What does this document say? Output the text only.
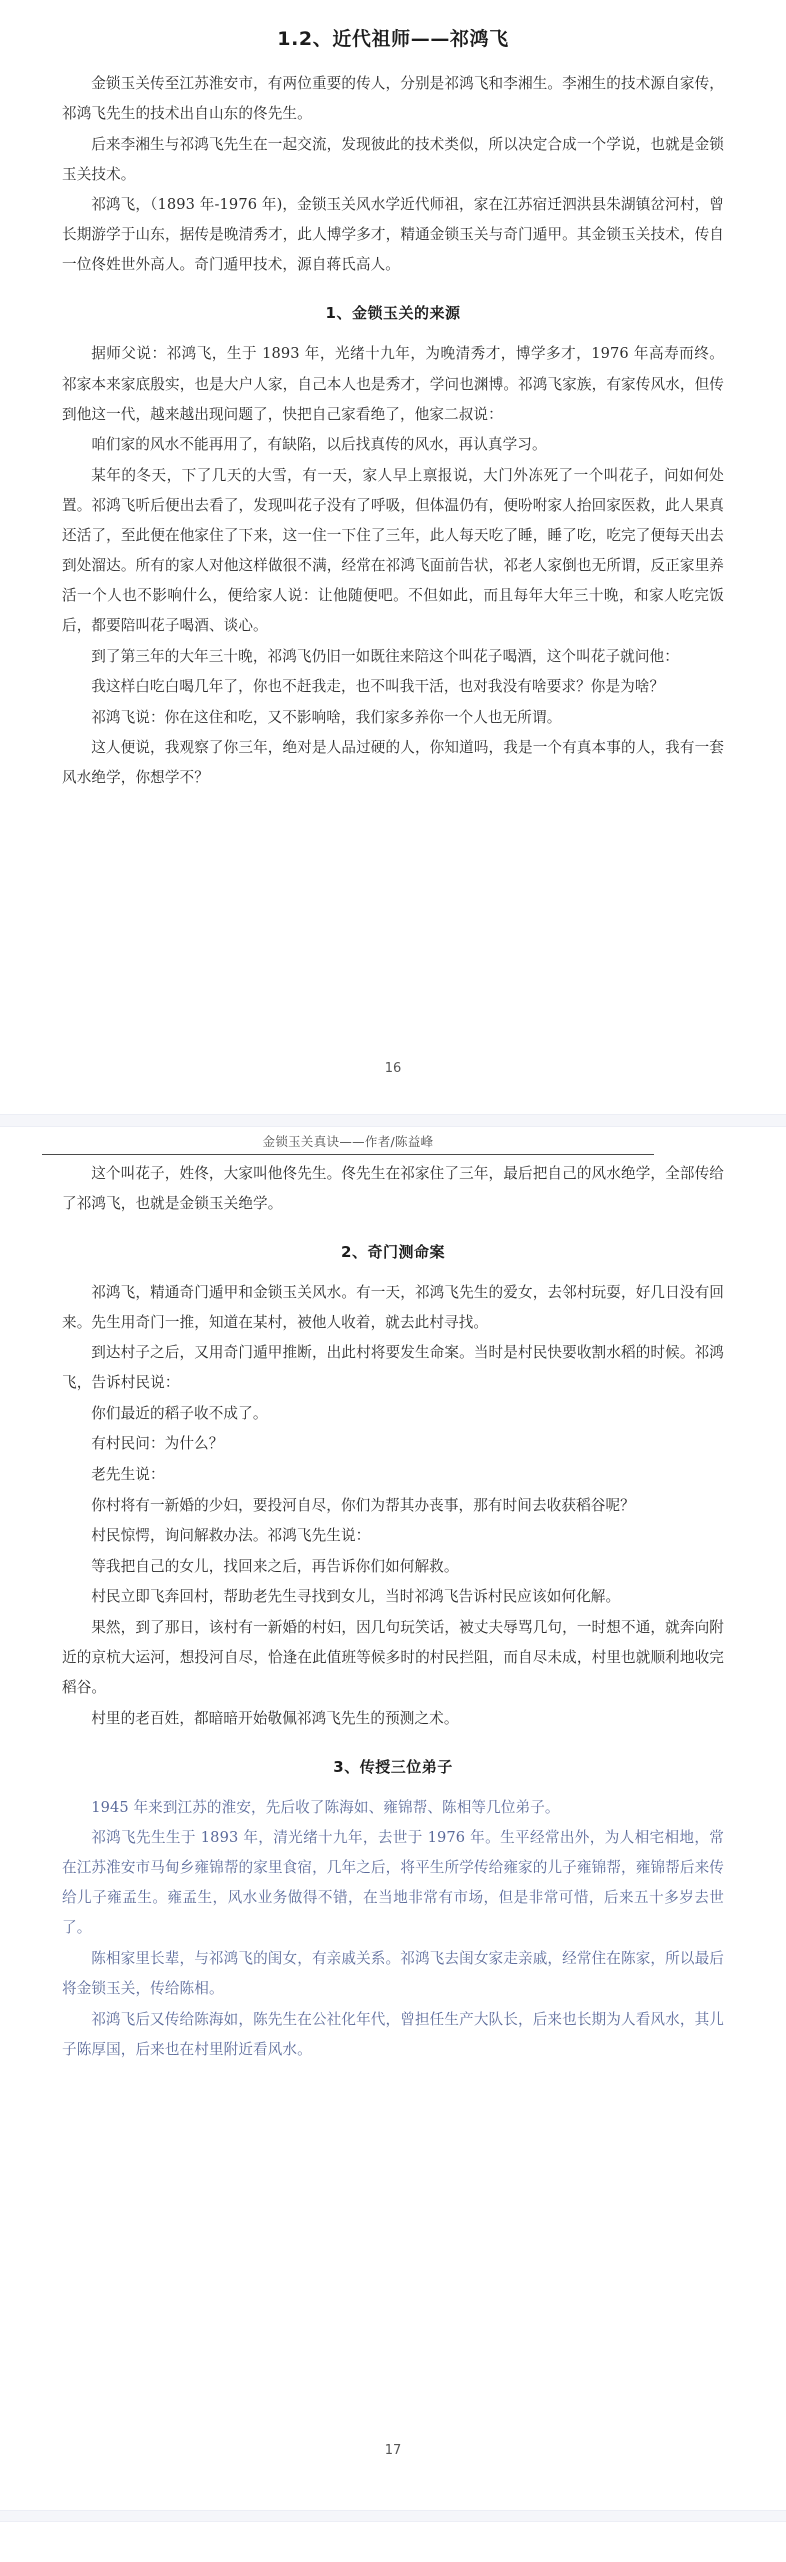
1.2、近代祖师——祁鸿飞

金锁玉关传至江苏淮安市，有两位重要的传人，分别是祁鸿飞和李湘生。李湘生的技术源自家传，祁鸿飞先生的技术出自山东的佟先生。

后来李湘生与祁鸿飞先生在一起交流，发现彼此的技术类似，所以决定合成一个学说，也就是金锁玉关技术。

祁鸿飞，（1893 年-1976 年)，金锁玉关风水学近代师祖，家在江苏宿迁泗洪县朱湖镇岔河村，曾长期游学于山东，据传是晚清秀才，此人博学多才，精通金锁玉关与奇门遁甲。其金锁玉关技术，传自一位佟姓世外高人。奇门遁甲技术，源自蒋氏高人。

1、金锁玉关的来源

据师父说：祁鸿飞，生于 1893 年，光绪十九年，为晚清秀才，博学多才，1976 年高寿而终。祁家本来家底殷实，也是大户人家，自己本人也是秀才，学问也渊博。祁鸿飞家族，有家传风水，但传到他这一代，越来越出现问题了，快把自己家看绝了，他家二叔说：

咱们家的风水不能再用了，有缺陷，以后找真传的风水，再认真学习。

某年的冬天，下了几天的大雪，有一天，家人早上禀报说，大门外冻死了一个叫花子，问如何处置。祁鸿飞听后便出去看了，发现叫花子没有了呼吸，但体温仍有，便吩咐家人抬回家医救，此人果真还活了，至此便在他家住了下来，这一住一下住了三年，此人每天吃了睡，睡了吃，吃完了便每天出去到处溜达。所有的家人对他这样做很不满，经常在祁鸿飞面前告状，祁老人家倒也无所谓，反正家里养活一个人也不影响什么，便给家人说：让他随便吧。不但如此，而且每年大年三十晚，和家人吃完饭后，都要陪叫花子喝酒、谈心。

到了第三年的大年三十晚，祁鸿飞仍旧一如既往来陪这个叫花子喝酒，这个叫花子就问他：

我这样白吃白喝几年了，你也不赶我走，也不叫我干活，也对我没有啥要求？你是为啥？

祁鸿飞说：你在这住和吃，又不影响啥，我们家多养你一个人也无所谓。

这人便说，我观察了你三年，绝对是人品过硬的人，你知道吗，我是一个有真本事的人，我有一套风水绝学，你想学不？

16
金锁玉关真诀——作者/陈益峰

这个叫花子，姓佟，大家叫他佟先生。佟先生在祁家住了三年，最后把自己的风水绝学，全部传给了祁鸿飞，也就是金锁玉关绝学。

2、奇门测命案

祁鸿飞，精通奇门遁甲和金锁玉关风水。有一天，祁鸿飞先生的爱女，去邻村玩耍，好几日没有回来。先生用奇门一推，知道在某村，被他人收着，就去此村寻找。

到达村子之后，又用奇门遁甲推断，出此村将要发生命案。当时是村民快要收割水稻的时候。祁鸿飞，告诉村民说：

你们最近的稻子收不成了。

有村民问：为什么？

老先生说：

你村将有一新婚的少妇，要投河自尽，你们为帮其办丧事，那有时间去收获稻谷呢？

村民惊愕，询问解救办法。祁鸿飞先生说：

等我把自己的女儿，找回来之后，再告诉你们如何解救。

村民立即飞奔回村，帮助老先生寻找到女儿，当时祁鸿飞告诉村民应该如何化解。

果然，到了那日，该村有一新婚的村妇，因几句玩笑话，被丈夫辱骂几句，一时想不通，就奔向附近的京杭大运河，想投河自尽，恰逢在此值班等候多时的村民拦阻，而自尽未成，村里也就顺利地收完稻谷。

村里的老百姓，都暗暗开始敬佩祁鸿飞先生的预测之术。

3、传授三位弟子

1945 年来到江苏的淮安，先后收了陈海如、雍锦帮、陈相等几位弟子。

祁鸿飞先生生于 1893 年，清光绪十九年，去世于 1976 年。生平经常出外，为人相宅相地，常在江苏淮安市马甸乡雍锦帮的家里食宿，几年之后，将平生所学传给雍家的儿子雍锦帮，雍锦帮后来传给儿子雍孟生。雍孟生，风水业务做得不错，在当地非常有市场，但是非常可惜，后来五十多岁去世了。

陈相家里长辈，与祁鸿飞的闺女，有亲戚关系。祁鸿飞去闺女家走亲戚，经常住在陈家，所以最后将金锁玉关，传给陈相。

祁鸿飞后又传给陈海如，陈先生在公社化年代，曾担任生产大队长，后来也长期为人看风水，其儿子陈厚国，后来也在村里附近看风水。

17
